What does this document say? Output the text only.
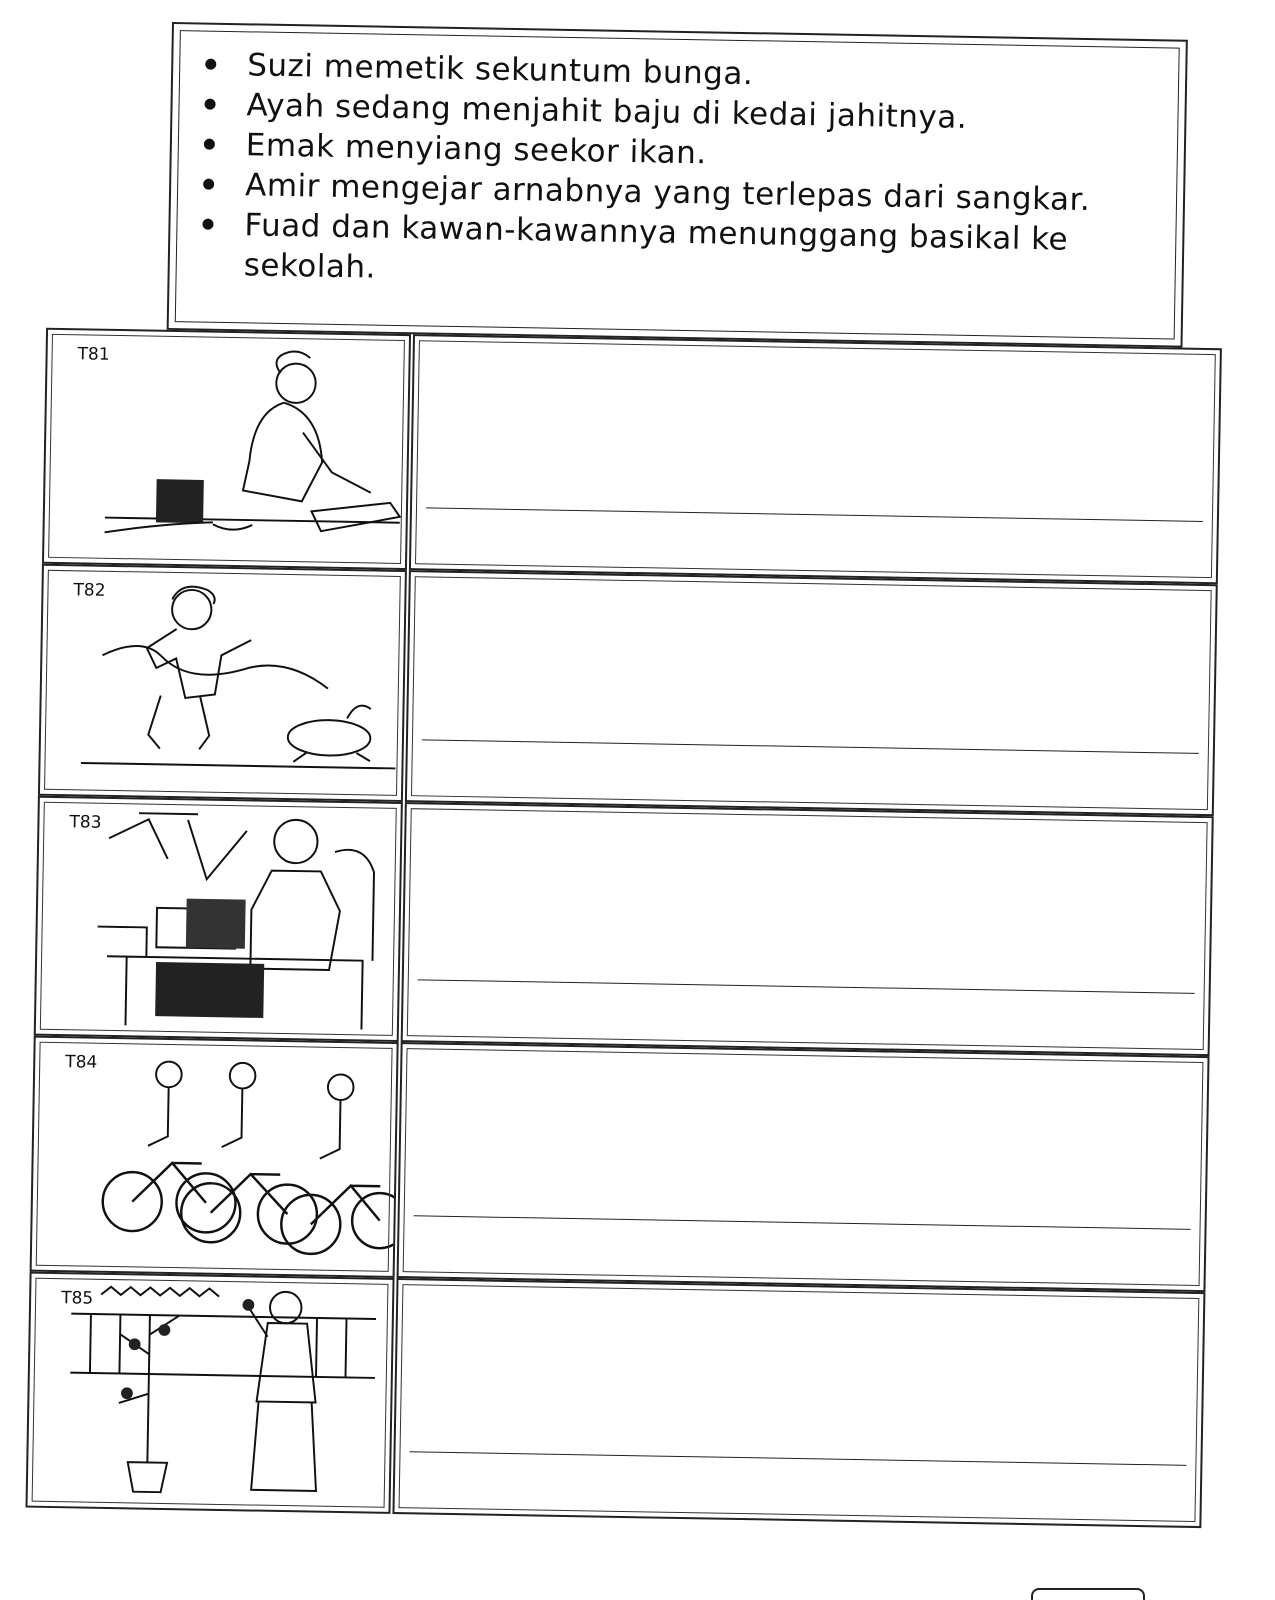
Suzi memetik sekuntum bunga.
Ayah sedang menjahit baju di kedai jahitnya.
Emak menyiang seekor ikan.
Amir mengejar arnabnya yang terlepas dari sangkar.
Fuad dan kawan-kawannya menunggang basikal ke sekolah.
T81
T82
T83
T84
T85
